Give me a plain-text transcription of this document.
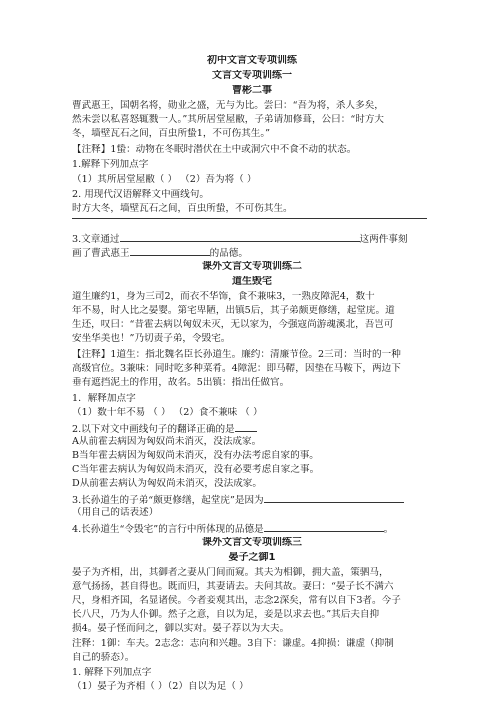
初中文言文专项训练
文言文专项训练一
曹彬二事
曹武惠王，国朝名将，勋业之盛，无与为比。尝曰：“吾为将，杀人多矣，
然未尝以私喜怒辄戮一人。”其所居堂屋敝，子弟请加修葺，公曰：“时方大
冬，墙壁瓦石之间，百虫所蛰1，不可伤其生。”
【注释】1蛰：动物在冬眠时潜伏在土中或洞穴中不食不动的状态。
1.解释下列加点字
（1）其所居堂屋敝（ ） （2）吾为将（ ）
2. 用现代汉语解释文中画线句。
时方大冬，墙壁瓦石之间，百虫所蛰，不可伤其生。
3.文章通过	这两件事刻
画了曹武惠王	的品德。
课外文言文专项训练二
道生毁宅
道生廉约1，身为三司2，而衣不华饰，食不兼味3，一熟皮障泥4，数十
年不易，时人比之晏婴。第宅卑陋，出镇5后，其子弟颇更修缮，起堂庑。道
生还，叹曰：“昔霍去病以匈奴未灭，无以家为，今强寇尚游魂溪北，吾岂可
安坐华美也！”乃切责子弟，令毁宅。
【注释】1道生：指北魏名臣长孙道生。廉约：清廉节俭。2三司：当时的一种
高级官位。3兼味：同时吃多种菜肴。4障泥：即马鞯，因垫在马鞍下，两边下
垂有遮挡泥土的作用，故名。5出镇：指出任做官。
1．解释加点字
（1）数十年不易 （ ） （2）食不兼味 （ ）
2.以下对文中画线句子的翻译正确的是
A从前霍去病因为匈奴尚未消灭，没法成家。
B当年霍去病因为匈奴尚未消灭，没有办法考虑自家的事。
C当年霍去病认为匈奴尚未消灭，没有必要考虑自家之事。
D从前霍去病认为匈奴尚未消灭，没法成家。
3.长孙道生的子弟“颇更修缮，起堂庑”是因为
（用自己的话表述）
4.长孙道生“令毁宅”的言行中所体现的品德是	。
课外文言文专项训练三
晏子之御1
晏子为齐相，出，其御者之妻从门间而窥。其夫为相御，拥大盖，策驷马，
意气扬扬，甚自得也。既而归，其妻请去。夫问其故。妻曰：“晏子长不满六
尺，身相齐国，名显诸侯。今者妾观其出，志念2深矣，常有以自下3者。今子
长八尺，乃为人仆御。然子之意，自以为足，妾是以求去也。”其后夫自抑
损4。晏子怪而问之，御以实对。晏子荐以为大夫。
注释：1御：车夫。2志念：志向和兴趣。3自下：谦虚。4抑损：谦虚（抑制
自己的骄态）。
1. 解释下列加点字
（1）晏子为齐相（ ）（2）自以为足（ ）
